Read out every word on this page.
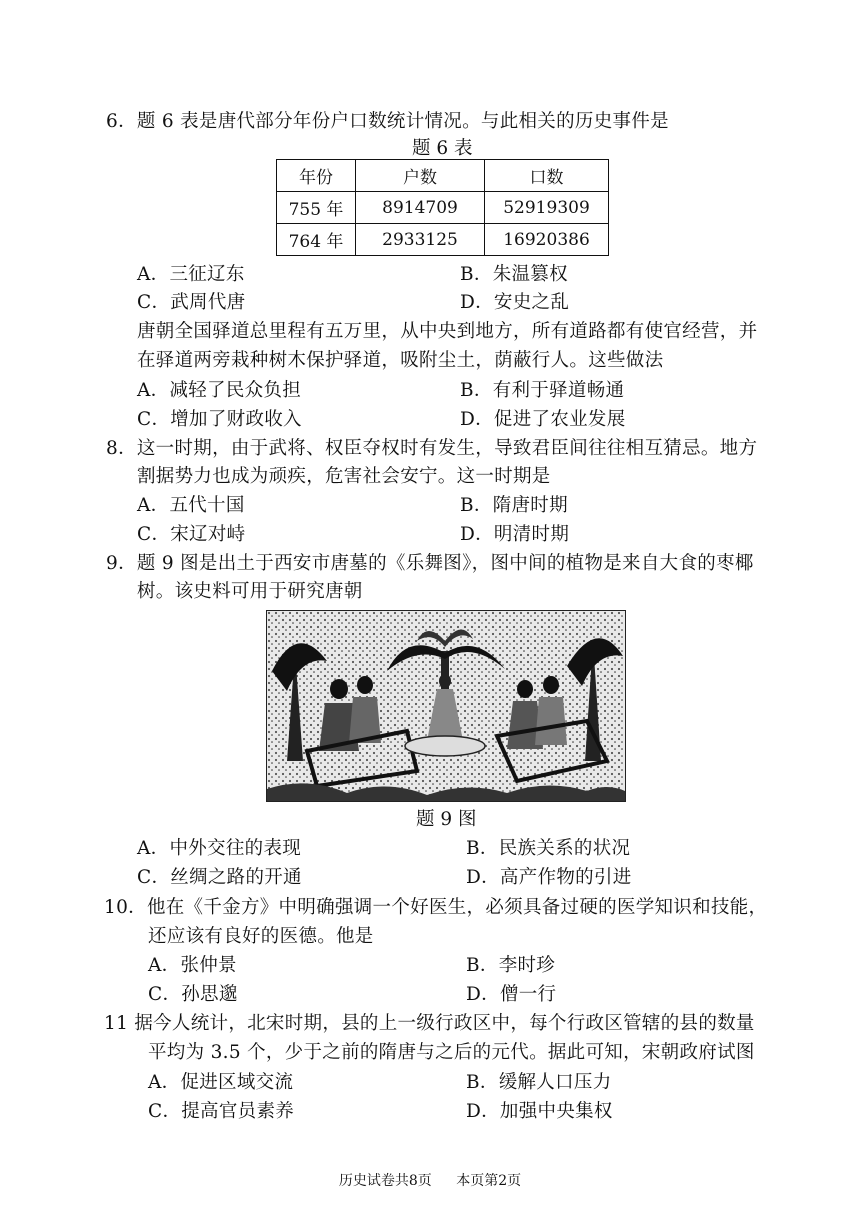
6．题 6 表是唐代部分年份户口数统计情况。与此相关的历史事件是
题 6 表
年份	户数	口数
755 年	8914709	52919309
764 年	2933125	16920386
A．三征辽东	B．朱温篡权
C．武周代唐	D．安史之乱
唐朝全国驿道总里程有五万里，从中央到地方，所有道路都有使官经营，并
在驿道两旁栽种树木保护驿道，吸附尘土，荫蔽行人。这些做法
A．减轻了民众负担	B．有利于驿道畅通
C．增加了财政收入	D．促进了农业发展
8．这一时期，由于武将、权臣夺权时有发生，导致君臣间往往相互猜忌。地方
割据势力也成为顽疾，危害社会安宁。这一时期是
A．五代十国	B．隋唐时期
C．宋辽对峙	D．明清时期
9．题 9 图是出土于西安市唐墓的《乐舞图》，图中间的植物是来自大食的枣椰
树。该史料可用于研究唐朝
题 9 图
A．中外交往的表现	B．民族关系的状况
C．丝绸之路的开通	D．高产作物的引进
10．他在《千金方》中明确强调一个好医生，必须具备过硬的医学知识和技能，
还应该有良好的医德。他是
A．张仲景	B．李时珍
C．孙思邈	D．僧一行
11 据今人统计，北宋时期，县的上一级行政区中，每个行政区管辖的县的数量
平均为 3.5 个，少于之前的隋唐与之后的元代。据此可知，宋朝政府试图
A．促进区域交流	B．缓解人口压力
C．提高官员素养	D．加强中央集权
历史试卷共8页 本页第2页
